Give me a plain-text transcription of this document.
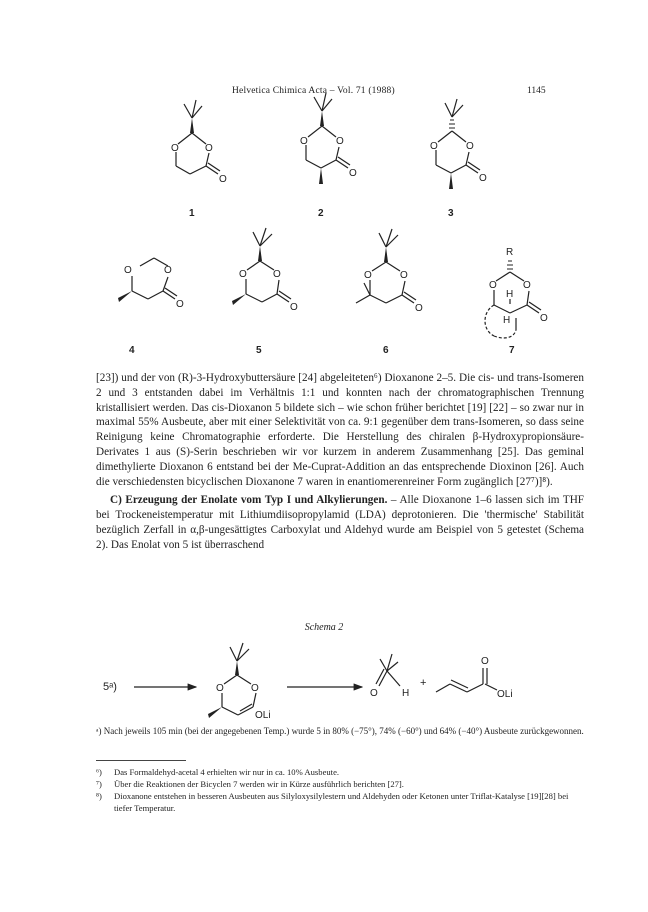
Helvetica Chimica Acta – Vol. 71 (1988)	1145
O	O
O
O	O
O
O	O
O
O	O
O
O	O
O
O	O
O
R
O	O
O
H
H
1	2	3
4	5	6	7

[23]) und der von (R)-3-Hydroxybuttersäure [24] abgeleiteten⁶) Dioxanone 2–5. Die cis- und trans-Isomeren 2 und 3 entstanden dabei im Verhältnis 1:1 und konnten nach der chromatographischen Trennung kristallisiert werden. Das cis-Dioxanon 5 bildete sich – wie schon früher berichtet [19] [22] – so zwar nur in maximal 55% Ausbeute, aber mit einer Selektivität von ca. 9:1 gegenüber dem trans-Isomeren, so dass seine Reinigung keine Chromatographie erforderte. Die Herstellung des chiralen β-Hydroxypropionsäure-Derivates 1 aus (S)-Serin beschrieben wir vor kurzem in anderem Zusammenhang [25]. Das geminal dimethylierte Dioxanon 6 entstand bei der Me-Cuprat-Addition an das entsprechende Dioxinon [26]. Auch die verschiedensten bicyclischen Dioxanone 7 waren in enantiomerenreiner Form zugänglich [27⁷)]⁸).

C) Erzeugung der Enolate vom Typ I und Alkylierungen. – Alle Dioxanone 1–6 lassen sich im THF bei Trockeneistemperatur mit Lithiumdiisopropylamid (LDA) deprotonieren. Die 'thermische' Stabilität bezüglich Zerfall in α,β-ungesättigtes Carboxylat und Aldehyd wurde am Beispiel von 5 getestet (Schema 2). Das Enolat von 5 ist überraschend

Schema 2
5ᵃ)	O	O
OLi
O H
+
O
OLi
ᵃ) Nach jeweils 105 min (bei der angegebenen Temp.) wurde 5 in 80% (−75°), 74% (−60°) und 64% (−40°) Ausbeute zurückgewonnen.
⁶) Das Formaldehyd-acetal 4 erhielten wir nur in ca. 10% Ausbeute.
⁷) Über die Reaktionen der Bicyclen 7 werden wir in Kürze ausführlich berichten [27].
⁸) Dioxanone entstehen in besseren Ausbeuten aus Silyloxysilylestern und Aldehyden oder Ketonen unter Triflat-Katalyse [19][28] bei tiefer Temperatur.
